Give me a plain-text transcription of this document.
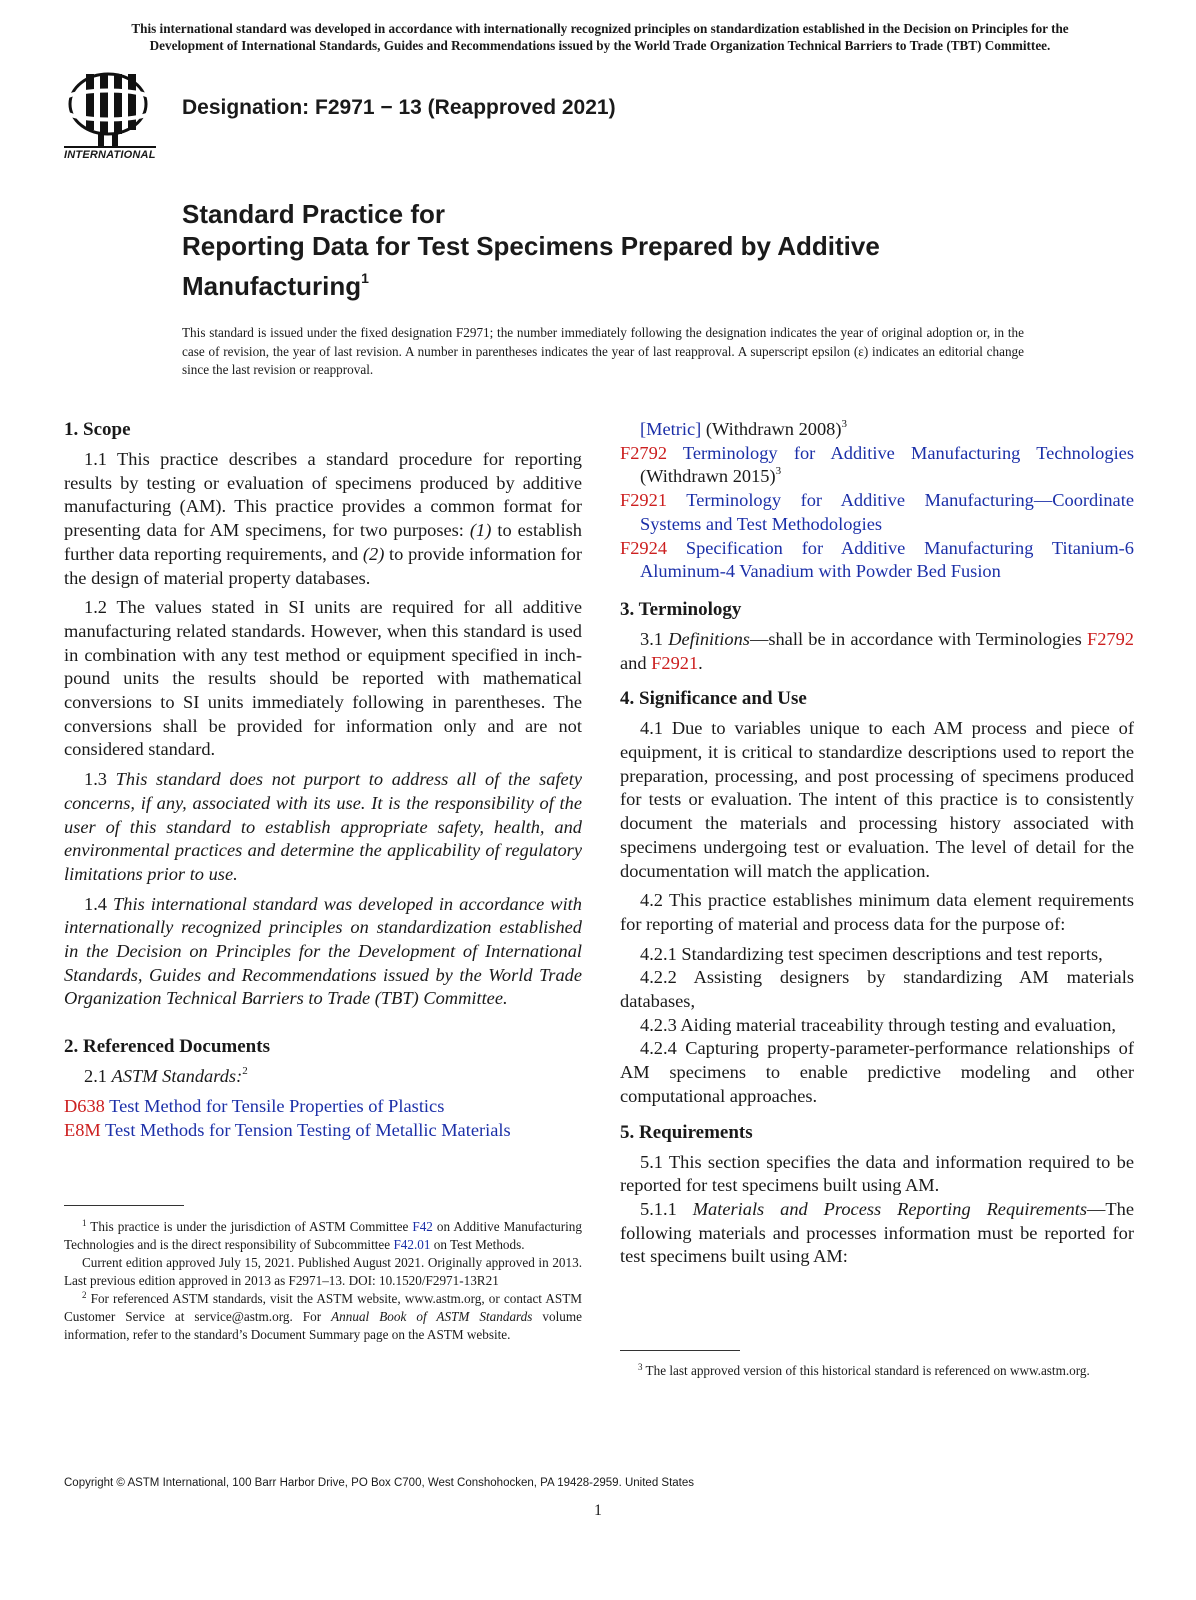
This international standard was developed in accordance with internationally recognized principles on standardization established in the Decision on Principles for the
Development of International Standards, Guides and Recommendations issued by the World Trade Organization Technical Barriers to Trade (TBT) Committee.
INTERNATIONAL
Designation: F2971 − 13 (Reapproved 2021)
Standard Practice for
Reporting Data for Test Specimens Prepared by Additive
Manufacturing$^1$
This standard is issued under the fixed designation F2971; the number immediately following the designation indicates the year of original adoption or, in the case of revision, the year of last revision. A number in parentheses indicates the year of last reapproval. A superscript epsilon (ε) indicates an editorial change since the last revision or reapproval.
1. Scope

1.1 This practice describes a standard procedure for reporting results by testing or evaluation of specimens produced by additive manufacturing (AM). This practice provides a common format for presenting data for AM specimens, for two purposes: (1) to establish further data reporting requirements, and (2) to provide information for the design of material property databases.

1.2 The values stated in SI units are required for all additive manufacturing related standards. However, when this standard is used in combination with any test method or equipment specified in inch-pound units the results should be reported with mathematical conversions to SI units immediately following in parentheses. The conversions shall be provided for information only and are not considered standard.

1.3 This standard does not purport to address all of the safety concerns, if any, associated with its use. It is the responsibility of the user of this standard to establish appropriate safety, health, and environmental practices and determine the applicability of regulatory limitations prior to use.

1.4 This international standard was developed in accordance with internationally recognized principles on standardization established in the Decision on Principles for the Development of International Standards, Guides and Recommendations issued by the World Trade Organization Technical Barriers to Trade (TBT) Committee.

2. Referenced Documents

2.1 ASTM Standards:$^2$

D638 Test Method for Tensile Properties of Plastics
E8M Test Methods for Tension Testing of Metallic Materials
[Metric] (Withdrawn 2008)$^3$
F2792 Terminology for Additive Manufacturing Technologies (Withdrawn 2015)$^3$
F2921 Terminology for Additive Manufacturing—Coordinate Systems and Test Methodologies
F2924 Specification for Additive Manufacturing Titanium-6 Aluminum-4 Vanadium with Powder Bed Fusion
3. Terminology

3.1 Definitions—shall be in accordance with Terminologies F2792 and F2921.

4. Significance and Use

4.1 Due to variables unique to each AM process and piece of equipment, it is critical to standardize descriptions used to report the preparation, processing, and post processing of specimens produced for tests or evaluation. The intent of this practice is to consistently document the materials and processing history associated with specimens undergoing test or evaluation. The level of detail for the documentation will match the application.

4.2 This practice establishes minimum data element requirements for reporting of material and process data for the purpose of:

4.2.1 Standardizing test specimen descriptions and test reports,

4.2.2 Assisting designers by standardizing AM materials databases,

4.2.3 Aiding material traceability through testing and evaluation,

4.2.4 Capturing property-parameter-performance relationships of AM specimens to enable predictive modeling and other computational approaches.

5. Requirements

5.1 This section specifies the data and information required to be reported for test specimens built using AM.

5.1.1 Materials and Process Reporting Requirements—The following materials and processes information must be reported for test specimens built using AM:

$^1$ This practice is under the jurisdiction of ASTM Committee F42 on Additive Manufacturing Technologies and is the direct responsibility of Subcommittee F42.01 on Test Methods.

Current edition approved July 15, 2021. Published August 2021. Originally approved in 2013. Last previous edition approved in 2013 as F2971–13. DOI: 10.1520/F2971-13R21

$^2$ For referenced ASTM standards, visit the ASTM website, www.astm.org, or contact ASTM Customer Service at service@astm.org. For Annual Book of ASTM Standards volume information, refer to the standard’s Document Summary page on the ASTM website.

$^3$ The last approved version of this historical standard is referenced on www.astm.org.

Copyright © ASTM International, 100 Barr Harbor Drive, PO Box C700, West Conshohocken, PA 19428-2959. United States
1
